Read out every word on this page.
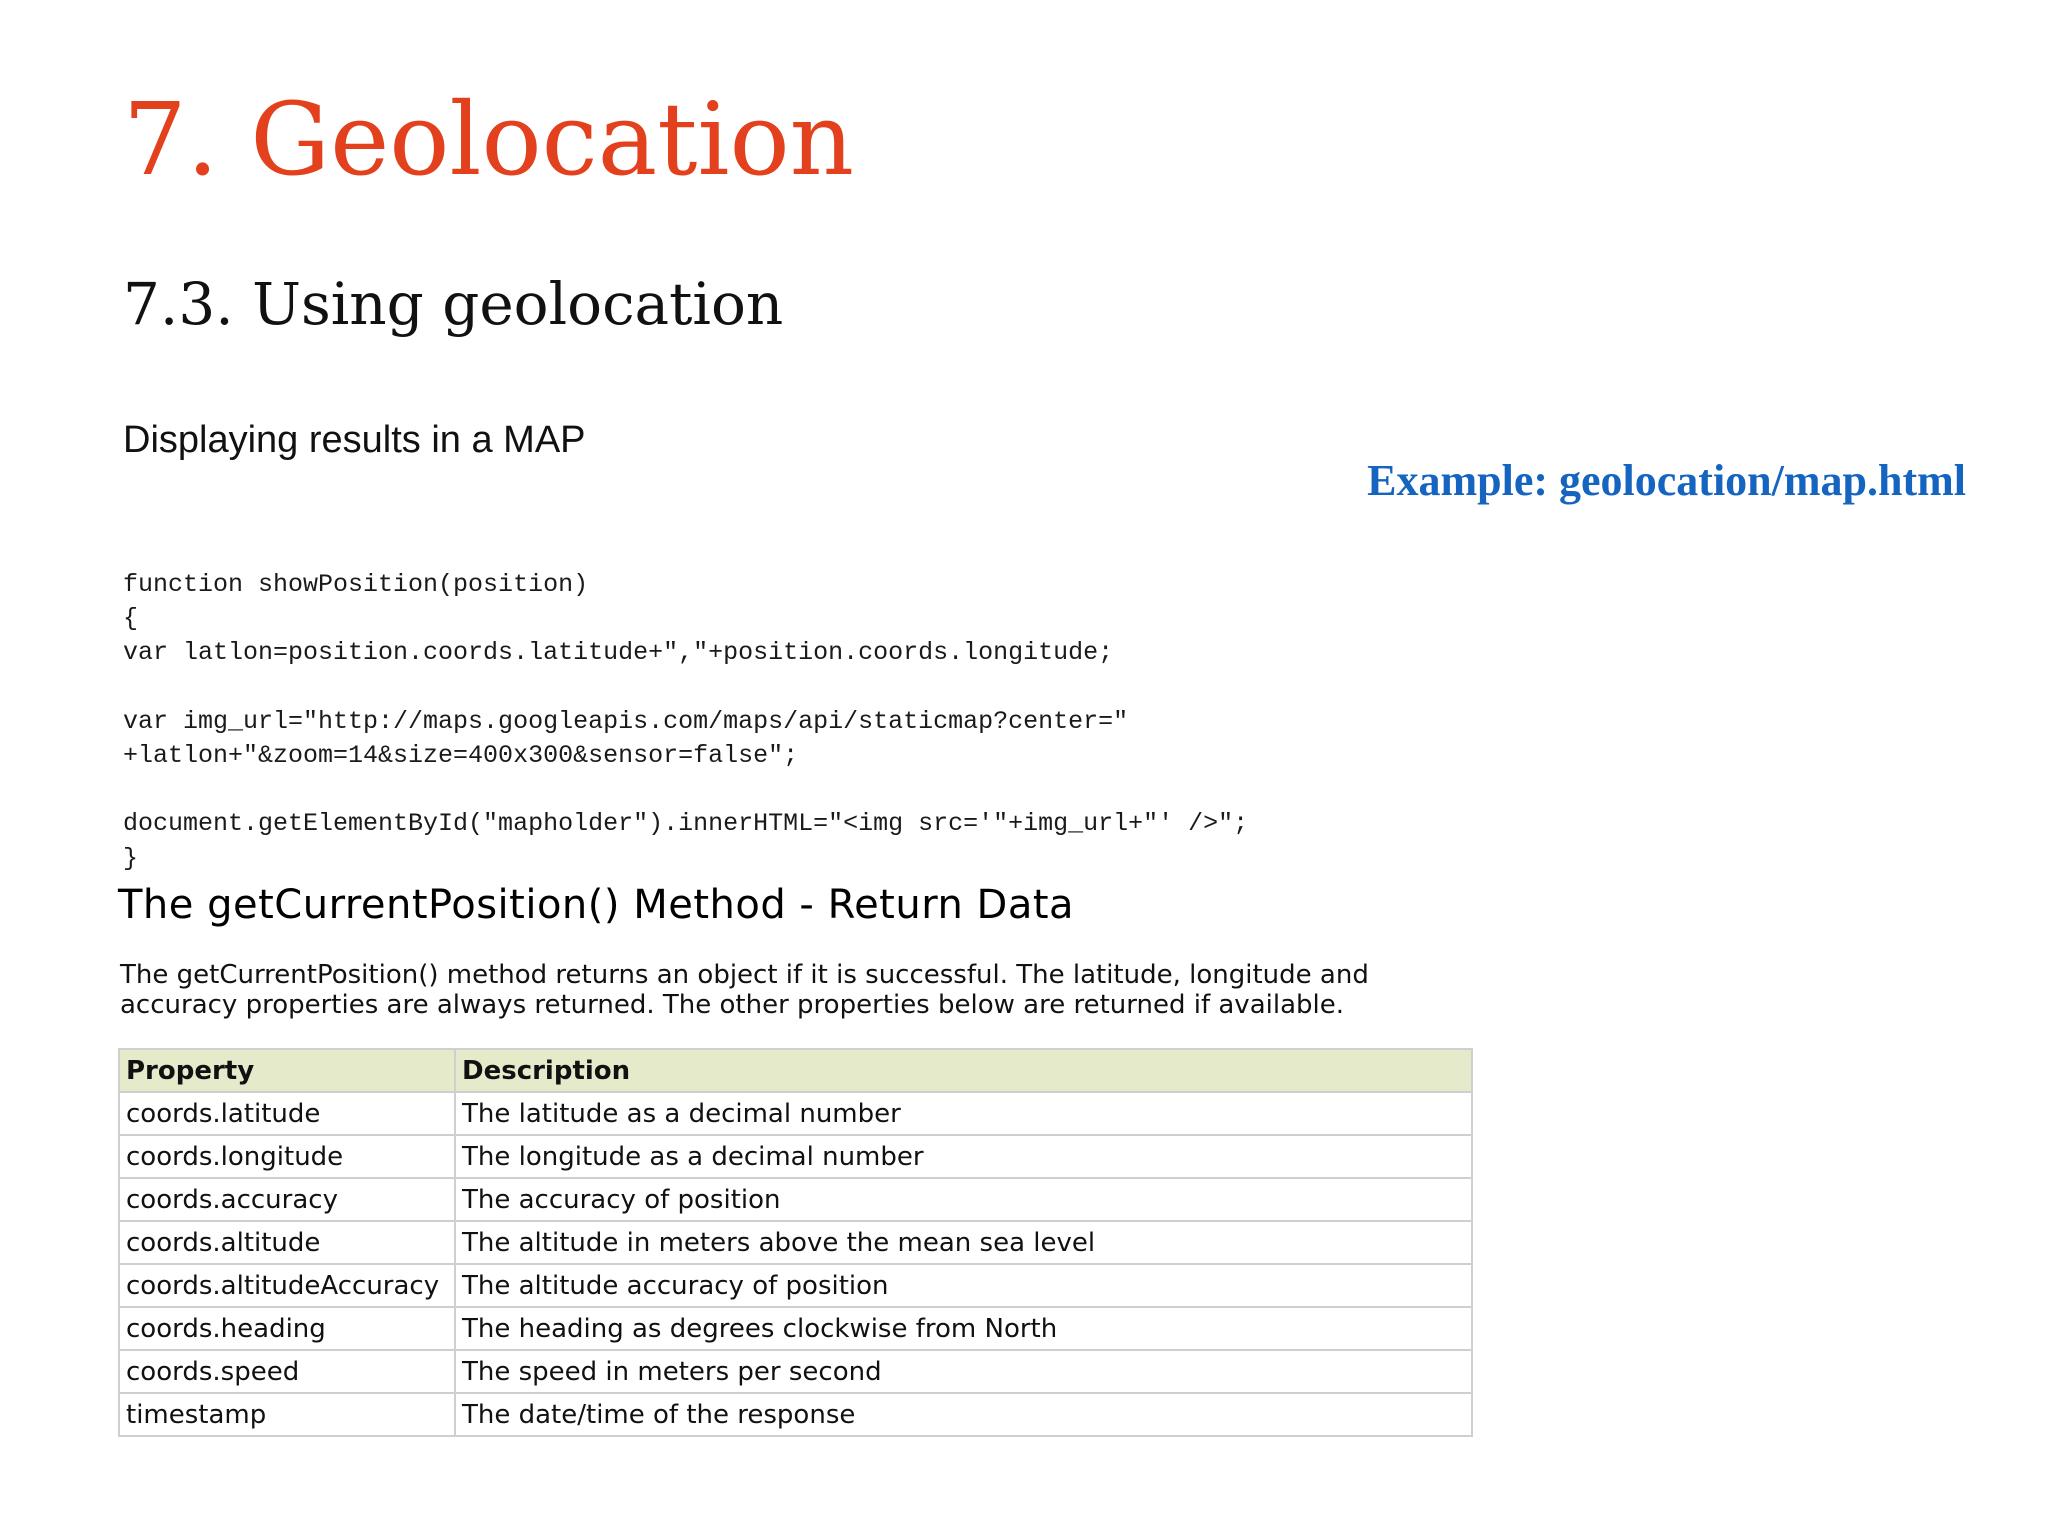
7. Geolocation
7.3. Using geolocation
Displaying results in a MAP
Example: geolocation/map.html
function showPosition(position)
{
var latlon=position.coords.latitude+","+position.coords.longitude;
var img_url="http://maps.googleapis.com/maps/api/staticmap?center="
+latlon+"&zoom=14&size=400x300&sensor=false";
document.getElementById("mapholder").innerHTML="<img src='"+img_url+"' />";
}
The getCurrentPosition() Method - Return Data

The getCurrentPosition() method returns an object if it is successful. The latitude, longitude and accuracy properties are always returned. The other properties below are returned if available.

Property	Description
coords.latitude	The latitude as a decimal number
coords.longitude	The longitude as a decimal number
coords.accuracy	The accuracy of position
coords.altitude	The altitude in meters above the mean sea level
coords.altitudeAccuracy	The altitude accuracy of position
coords.heading	The heading as degrees clockwise from North
coords.speed	The speed in meters per second
timestamp	The date/time of the response
